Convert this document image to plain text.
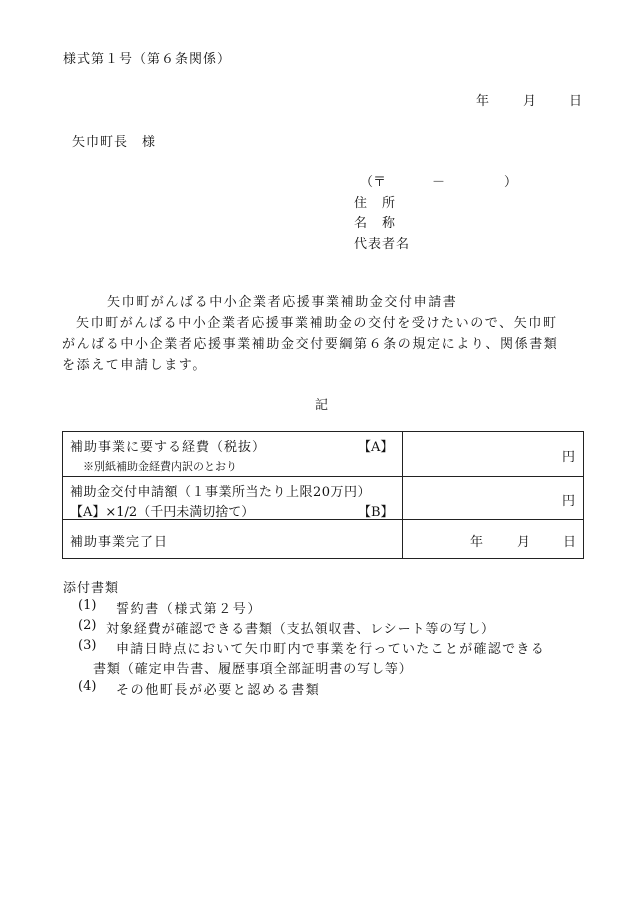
様式第１号（第６条関係）
年	月	日
矢巾町長　様
（〒	－	）
住　所
名　称
代表者名
矢巾町がんばる中小企業者応援事業補助金交付申請書
矢巾町がんばる中小企業者応援事業補助金の交付を受けたいので、矢巾町
がんばる中小企業者応援事業補助金交付要綱第６条の規定により、関係書類
を添えて申請します。
記
補助事業に要する経費（税抜） 【A】
※別紙補助金経費内訳のとおり	円

補助金交付申請額（１事業所当たり上限20万円）
【A】×1/2（千円未満切捨て） 【B】	円

補助事業完了日	年 月 日
添付書類
(1) 誓約書（様式第２号）
(2) 対象経費が確認できる書類（支払領収書、レシート等の写し）
(3) 申請日時点において矢巾町内で事業を行っていたことが確認できる
書類（確定申告書、履歴事項全部証明書の写し等）
(4) その他町長が必要と認める書類
